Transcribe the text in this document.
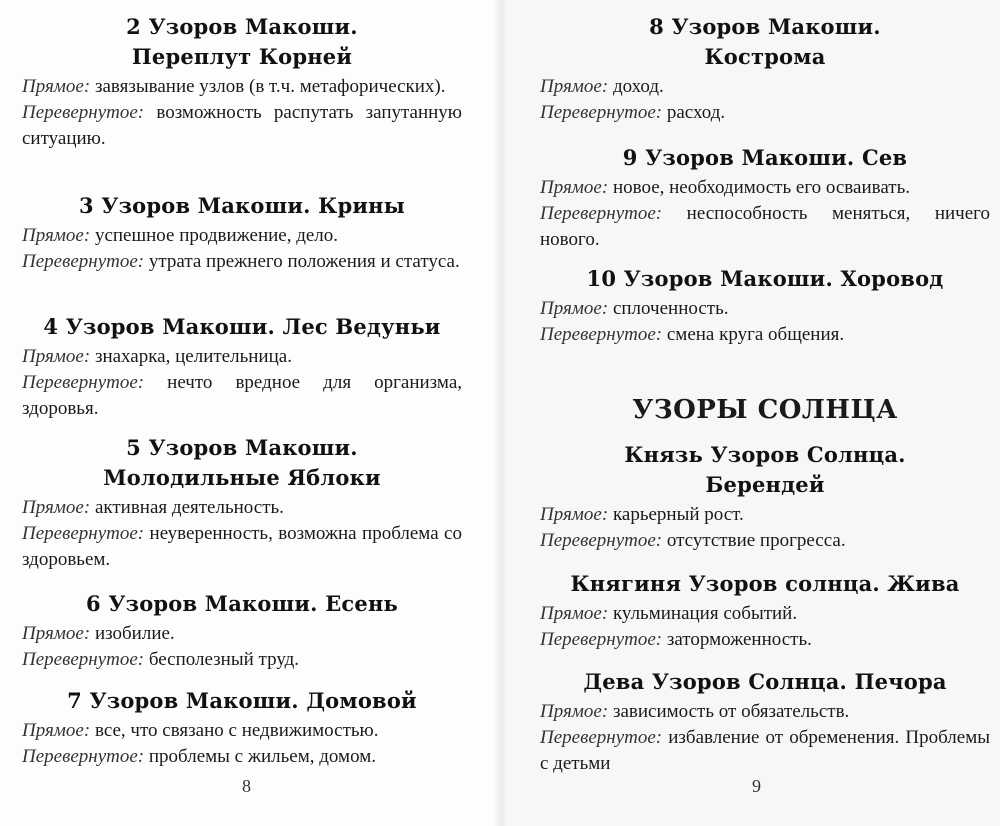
2 Узоров Макоши.
Переплут Корней

Прямое: завязывание узлов (в т.ч. метафорических).

Перевернутое: возможность распутать запутанную ситуацию.

3 Узоров Макоши. Крины

Прямое: успешное продвижение, дело.

Перевернутое: утрата прежнего положения и статуса.

4 Узоров Макоши. Лес Ведуньи

Прямое: знахарка, целительница.

Перевернутое: нечто вредное для организма, здоровья.

5 Узоров Макоши.
Молодильные Яблоки

Прямое: активная деятельность.

Перевернутое: неуверенность, возможна проблема со здоровьем.

6 Узоров Макоши. Есень

Прямое: изобилие.

Перевернутое: бесполезный труд.

7 Узоров Макоши. Домовой

Прямое: все, что связано с недвижимостью.

Перевернутое: проблемы с жильем, домом.

8
8 Узоров Макоши.
Кострома

Прямое: доход.

Перевернутое: расход.

9 Узоров Макоши. Сев

Прямое: новое, необходимость его осваивать.

Перевернутое: неспособность меняться, ничего нового.

10 Узоров Макоши. Хоровод

Прямое: сплоченность.

Перевернутое: смена круга общения.

УЗОРЫ СОЛНЦА
Князь Узоров Солнца.
Берендей

Прямое: карьерный рост.

Перевернутое: отсутствие прогресса.

Княгиня Узоров солнца. Жива

Прямое: кульминация событий.

Перевернутое: заторможенность.

Дева Узоров Солнца. Печора

Прямое: зависимость от обязательств.

Перевернутое: избавление от обременения. Проблемы с детьми

9
